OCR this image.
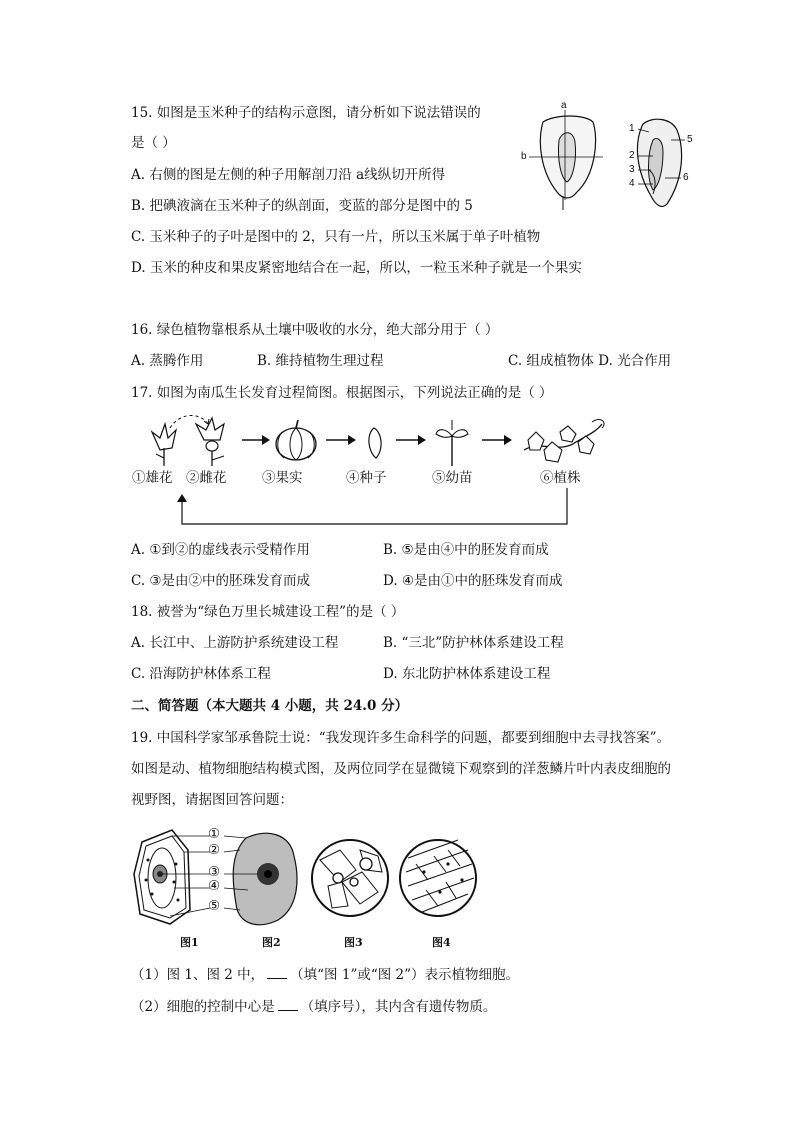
15. 如图是玉米种子的结构示意图，请分析如下说法错误的
是（ ）
A. 右侧的图是左侧的种子用解剖刀沿 a线纵切开所得
B. 把碘液滴在玉米种子的纵剖面，变蓝的部分是图中的 5
C. 玉米种子的子叶是图中的 2，只有一片，所以玉米属于单子叶植物
D. 玉米的种皮和果皮紧密地结合在一起，所以，一粒玉米种子就是一个果实
a
b
1
2
3
4
5
6
16. 绿色植物靠根系从土壤中吸收的水分，绝大部分用于（ ）
A. 蒸腾作用	B. 维持植物生理过程	C. 组成植物体 D. 光合作用
17. 如图为南瓜生长发育过程简图。根据图示，下列说法正确的是（ ）
①雄花 ②雌花	③果实	④种子	⑤幼苗	⑥植株
A. ①到②的虚线表示受精作用	B. ⑤是由④中的胚发育而成
C. ③是由②中的胚珠发育而成	D. ④是由①中的胚珠发育而成
18. 被誉为“绿色万里长城建设工程”的是（ ）
A. 长江中、上游防护系统建设工程	B. “三北”防护林体系建设工程
C. 沿海防护林体系工程	D. 东北防护林体系建设工程
二、简答题（本大题共 4 小题，共 24.0 分）
19. 中国科学家邹承鲁院士说：“我发现许多生命科学的问题，都要到细胞中去寻找答案”。
如图是动、植物细胞结构模式图，及两位同学在显微镜下观察到的洋葱鳞片叶内表皮细胞的
视野图，请据图回答问题：
①
②
③
④
⑤
图1	图2	图3	图4
（1）图 1、图 2 中， （填“图 1”或“图 2”）表示植物细胞。
（2）细胞的控制中心是 （填序号），其内含有遗传物质。
